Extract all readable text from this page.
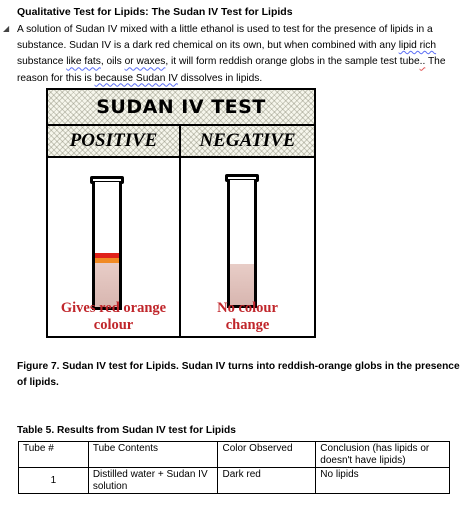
Qualitative Test for Lipids: The Sudan IV Test for Lipids
◢ A solution of Sudan IV mixed with a little ethanol is used to test for the presence of lipids in a substance. Sudan IV is a dark red chemical on its own, but when combined with any lipid rich substance like fats, oils or waxes, it will form reddish orange globs in the sample test tube.. The reason for this is because Sudan IV dissolves in lipids.
SUDAN IV TEST
POSITIVE	NEGATIVE
Gives red orange
colour
No colour
change
Figure 7. Sudan IV test for Lipids. Sudan IV turns into reddish-orange globs in the presence of lipids.
Table 5. Results from Sudan IV test for Lipids
Tube #	Tube Contents	Color Observed	Conclusion (has lipids or doesn't have lipids)
1	Distilled water + Sudan IV solution	Dark red	No lipids
